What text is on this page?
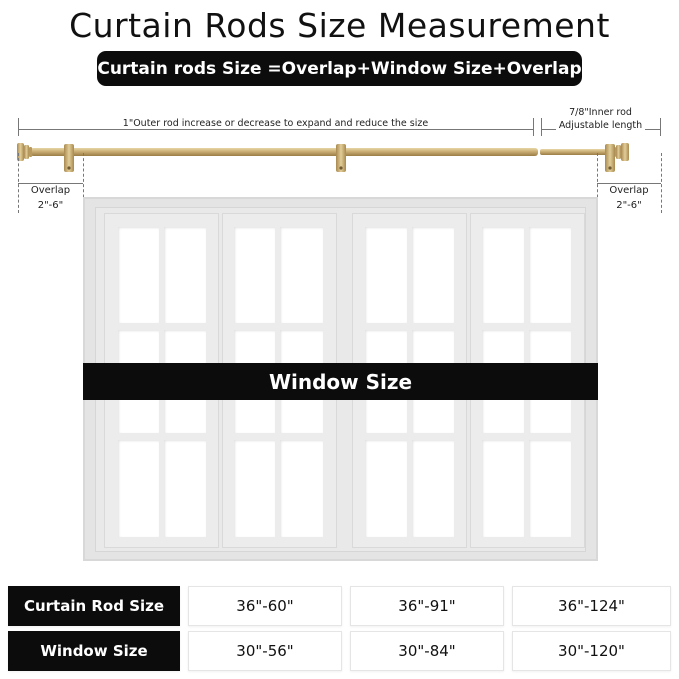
Curtain Rods Size Measurement
Curtain rods Size =Overlap+Window Size+Overlap
1"Outer rod increase or decrease to expand and reduce the size
7/8"Inner rod
Adjustable length
Overlap
2"-6"
Overlap
2"-6"
Window Size
Curtain Rod Size	36"-60"	36"-91"	36"-124"
Window Size	30"-56"	30"-84"	30"-120"
